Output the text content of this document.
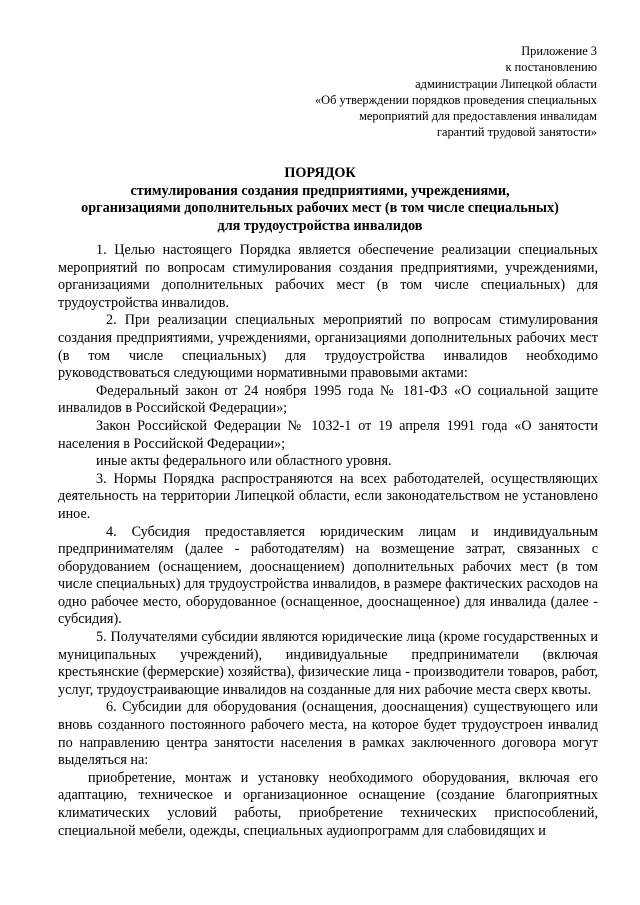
Приложение 3
к постановлению
администрации Липецкой области
«Об утверждении порядков проведения специальных
мероприятий для предоставления инвалидам
гарантий трудовой занятости»
ПОРЯДОК
стимулирования создания предприятиями, учреждениями,
организациями дополнительных рабочих мест (в том числе специальных)
для трудоустройства инвалидов

1. Целью настоящего Порядка является обеспечение реализации специальных мероприятий по вопросам стимулирования создания предприятиями, учреждениями, организациями дополнительных рабочих мест (в том числе специальных) для трудоустройства инвалидов.

2. При реализации специальных мероприятий по вопросам стимулирования создания предприятиями, учреждениями, организациями дополнительных рабочих мест (в том числе специальных) для трудоустройства инвалидов необходимо руководствоваться следующими нормативными правовыми актами:

Федеральный закон от 24 ноября 1995 года № 181-ФЗ «О социальной защите инвалидов в Российской Федерации»;

Закон Российской Федерации № 1032-1 от 19 апреля 1991 года «О занятости населения в Российской Федерации»;

иные акты федерального или областного уровня.

3. Нормы Порядка распространяются на всех работодателей, осуществляющих деятельность на территории Липецкой области, если законодательством не установлено иное.

4. Субсидия предоставляется юридическим лицам и индивидуальным предпринимателям (далее - работодателям) на возмещение затрат, связанных с оборудованием (оснащением, дооснащением) дополнительных рабочих мест (в том числе специальных) для трудоустройства инвалидов, в размере фактических расходов на одно рабочее место, оборудованное (оснащенное, дооснащенное) для инвалида (далее - субсидия).

5. Получателями субсидии являются юридические лица (кроме государственных и муниципальных учреждений), индивидуальные предприниматели (включая крестьянские (фермерские) хозяйства), физические лица - производители товаров, работ, услуг, трудоустраивающие инвалидов на созданные для них рабочие места сверх квоты.

6. Субсидии для оборудования (оснащения, дооснащения) существующего или вновь созданного постоянного рабочего места, на которое будет трудоустроен инвалид по направлению центра занятости населения в рамках заключенного договора могут выделяться на:

приобретение, монтаж и установку необходимого оборудования, включая его адаптацию, техническое и организационное оснащение (создание благоприятных климатических условий работы, приобретение технических приспособлений, специальной мебели, одежды, специальных аудиопрограмм для слабовидящих и
